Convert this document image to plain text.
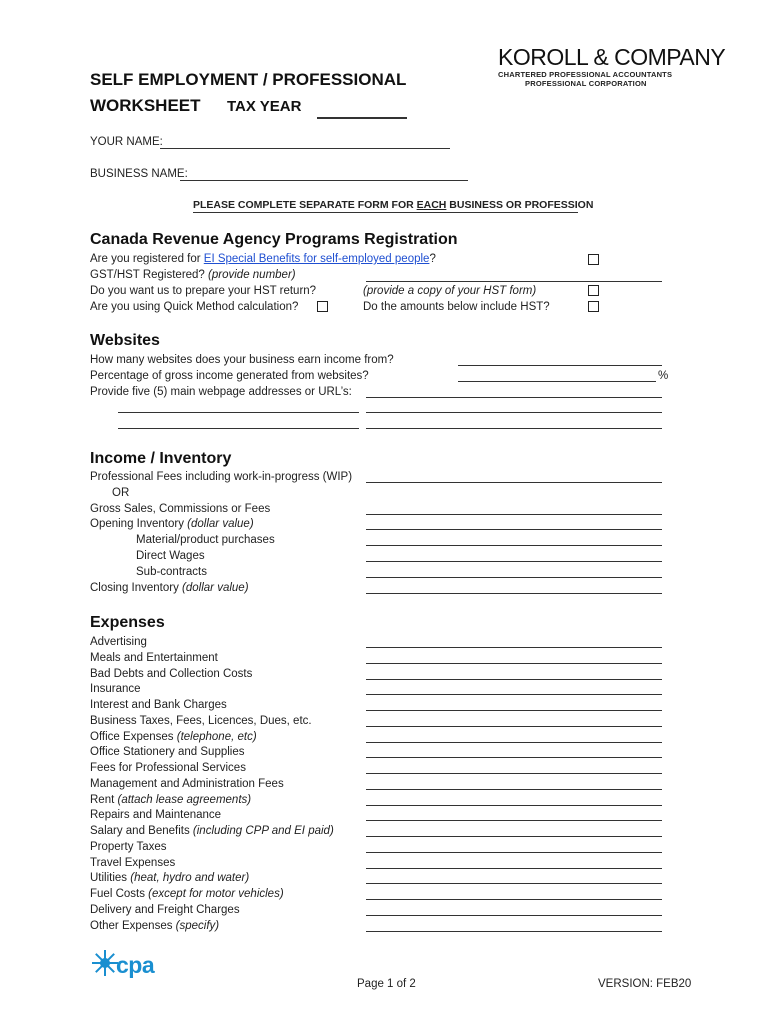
KOROLL & COMPANY
CHARTERED PROFESSIONAL ACCOUNTANTS
PROFESSIONAL CORPORATION
SELF EMPLOYMENT / PROFESSIONAL
WORKSHEET TAX YEAR
YOUR NAME:
BUSINESS NAME:
PLEASE COMPLETE SEPARATE FORM FOR EACH BUSINESS OR PROFESSION
Canada Revenue Agency Programs Registration
Are you registered for EI Special Benefits for self-employed people?
GST/HST Registered? (provide number)
Do you want us to prepare your HST return?	(provide a copy of your HST form)
Are you using Quick Method calculation?	Do the amounts below include HST?
Websites
How many websites does your business earn income from?
Percentage of gross income generated from websites?	%
Provide five (5) main webpage addresses or URL’s:
Income / Inventory
Professional Fees including work-in-progress (WIP)
OR
Gross Sales, Commissions or Fees
Opening Inventory (dollar value)
Material/product purchases
Direct Wages
Sub-contracts
Closing Inventory (dollar value)
Expenses
Advertising
Meals and Entertainment
Bad Debts and Collection Costs
Insurance
Interest and Bank Charges
Business Taxes, Fees, Licences, Dues, etc.
Office Expenses (telephone, etc)
Office Stationery and Supplies
Fees for Professional Services
Management and Administration Fees
Rent (attach lease agreements)
Repairs and Maintenance
Salary and Benefits (including CPP and EI paid)
Property Taxes
Travel Expenses
Utilities (heat, hydro and water)
Fuel Costs (except for motor vehicles)
Delivery and Freight Charges
Other Expenses (specify)
cpa
Page 1 of 2	VERSION: FEB20
